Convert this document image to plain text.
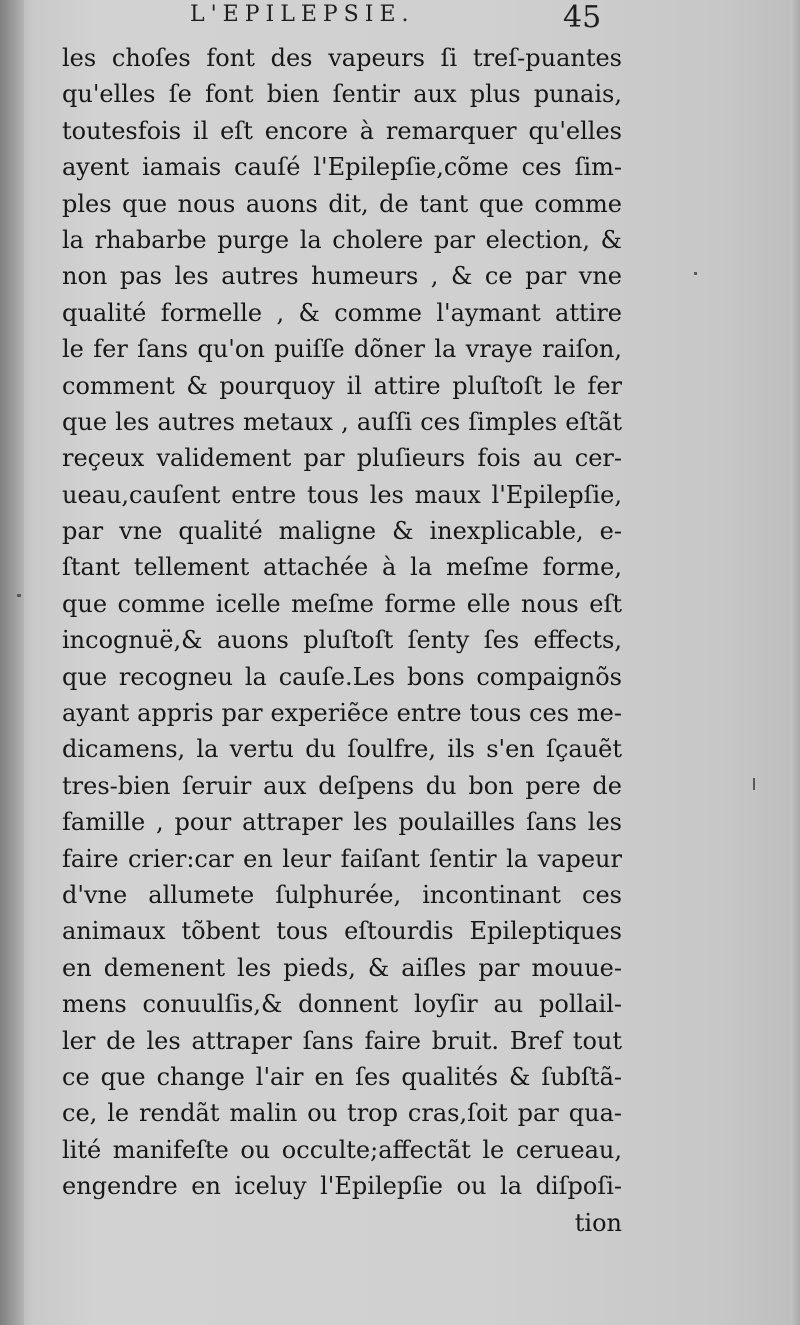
L'EPILEPSIE.	45
les choſes font des vapeurs ſi treſ-puantes
qu'elles ſe font bien ſentir aux plus punais,
toutesfois il eſt encore à remarquer qu'elles
ayent iamais cauſé l'Epilepſie,cõme ces ſim-
ples que nous auons dit, de tant que comme
la rhabarbe purge la cholere par election, &
non pas les autres humeurs , & ce par vne
qualité formelle , & comme l'aymant attire
le fer ſans qu'on puiſſe dõner la vraye raiſon,
comment & pourquoy il attire pluſtoſt le fer
que les autres metaux , auſſi ces ſimples eſtãt
reçeux validement par pluſieurs fois au cer-
ueau,cauſent entre tous les maux l'Epilepſie,
par vne qualité maligne & inexplicable, e-
ſtant tellement attachée à la meſme forme,
que comme icelle meſme forme elle nous eſt
incognuë,& auons pluſtoſt ſenty ſes effects,
que recogneu la cauſe.Les bons compaignõs
ayant appris par experiẽce entre tous ces me-
dicamens, la vertu du ſoulfre, ils s'en ſçauẽt
tres-bien ſeruir aux deſpens du bon pere de
famille , pour attraper les poulailles ſans les
faire crier:car en leur faiſant ſentir la vapeur
d'vne allumete ſulphurée, incontinant ces
animaux tõbent tous eſtourdis Epileptiques
en demenent les pieds, & aiſles par mouue-
mens conuulſis,& donnent loyſir au pollail-
ler de les attraper ſans faire bruit. Bref tout
ce que change l'air en ſes qualités & ſubſtã-
ce, le rendãt malin ou trop cras,ſoit par qua-
lité manifeſte ou occulte;affectãt le cerueau,
engendre en iceluy l'Epilepſie ou la diſpoſi-
tion
